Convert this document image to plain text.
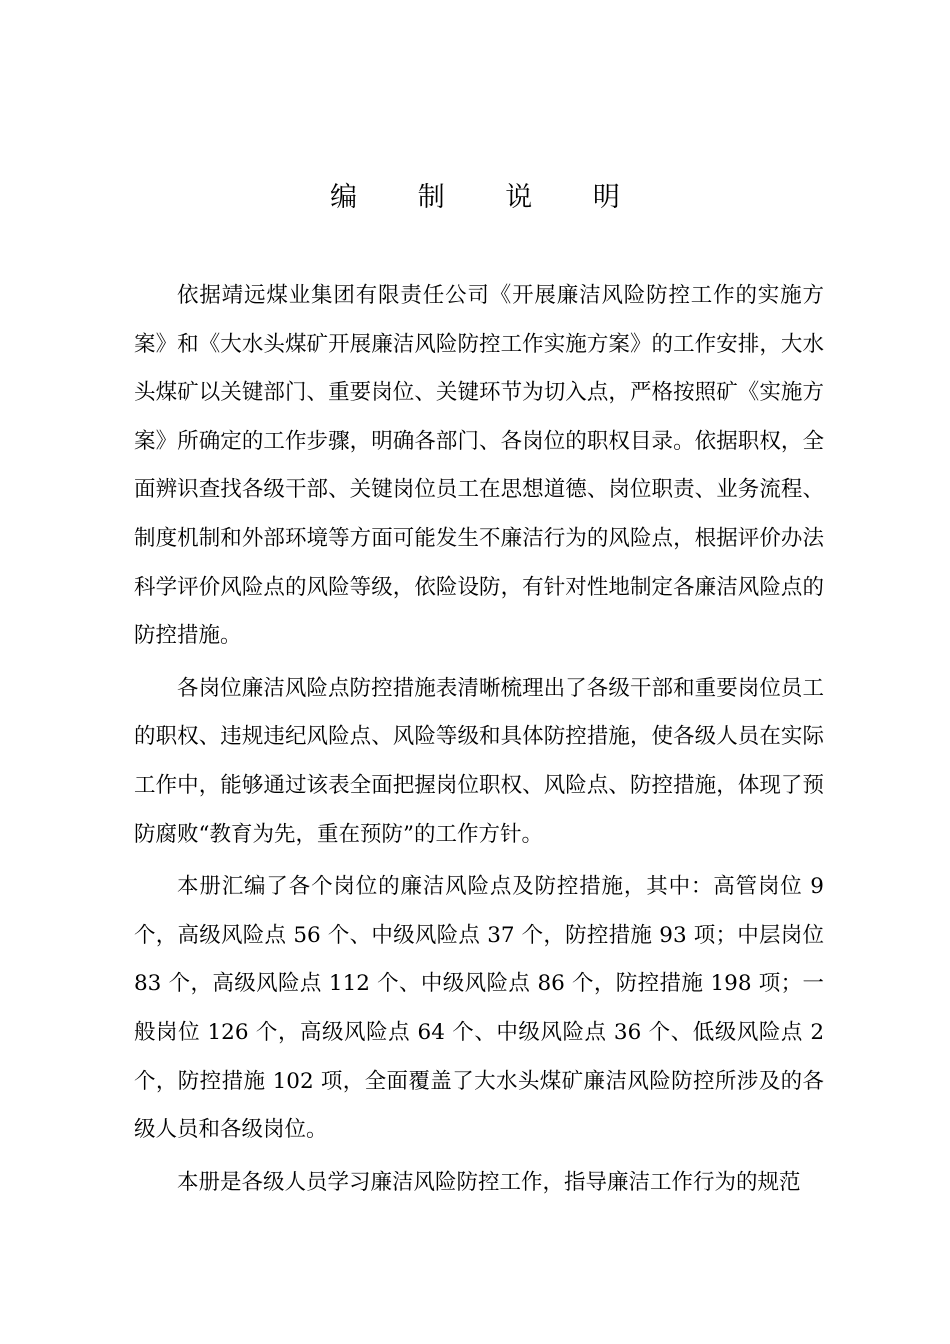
编 制 说 明

依据靖远煤业集团有限责任公司《开展廉洁风险防控工作的实施方案》和《大水头煤矿开展廉洁风险防控工作实施方案》的工作安排，大水头煤矿以关键部门、重要岗位、关键环节为切入点，严格按照矿《实施方案》所确定的工作步骤，明确各部门、各岗位的职权目录。依据职权，全面辨识查找各级干部、关键岗位员工在思想道德、岗位职责、业务流程、制度机制和外部环境等方面可能发生不廉洁行为的风险点，根据评价办法科学评价风险点的风险等级，依险设防，有针对性地制定各廉洁风险点的防控措施。

各岗位廉洁风险点防控措施表清晰梳理出了各级干部和重要岗位员工的职权、违规违纪风险点、风险等级和具体防控措施，使各级人员在实际工作中，能够通过该表全面把握岗位职权、风险点、防控措施，体现了预防腐败“教育为先，重在预防”的工作方针。

本册汇编了各个岗位的廉洁风险点及防控措施，其中：高管岗位 9 个，高级风险点 56 个、中级风险点 37 个，防控措施 93 项；中层岗位 83 个，高级风险点 112 个、中级风险点 86 个，防控措施 198 项；一般岗位 126 个，高级风险点 64 个、中级风险点 36 个、低级风险点 2 个，防控措施 102 项，全面覆盖了大水头煤矿廉洁风险防控所涉及的各级人员和各级岗位。

本册是各级人员学习廉洁风险防控工作，指导廉洁工作行为的规范
